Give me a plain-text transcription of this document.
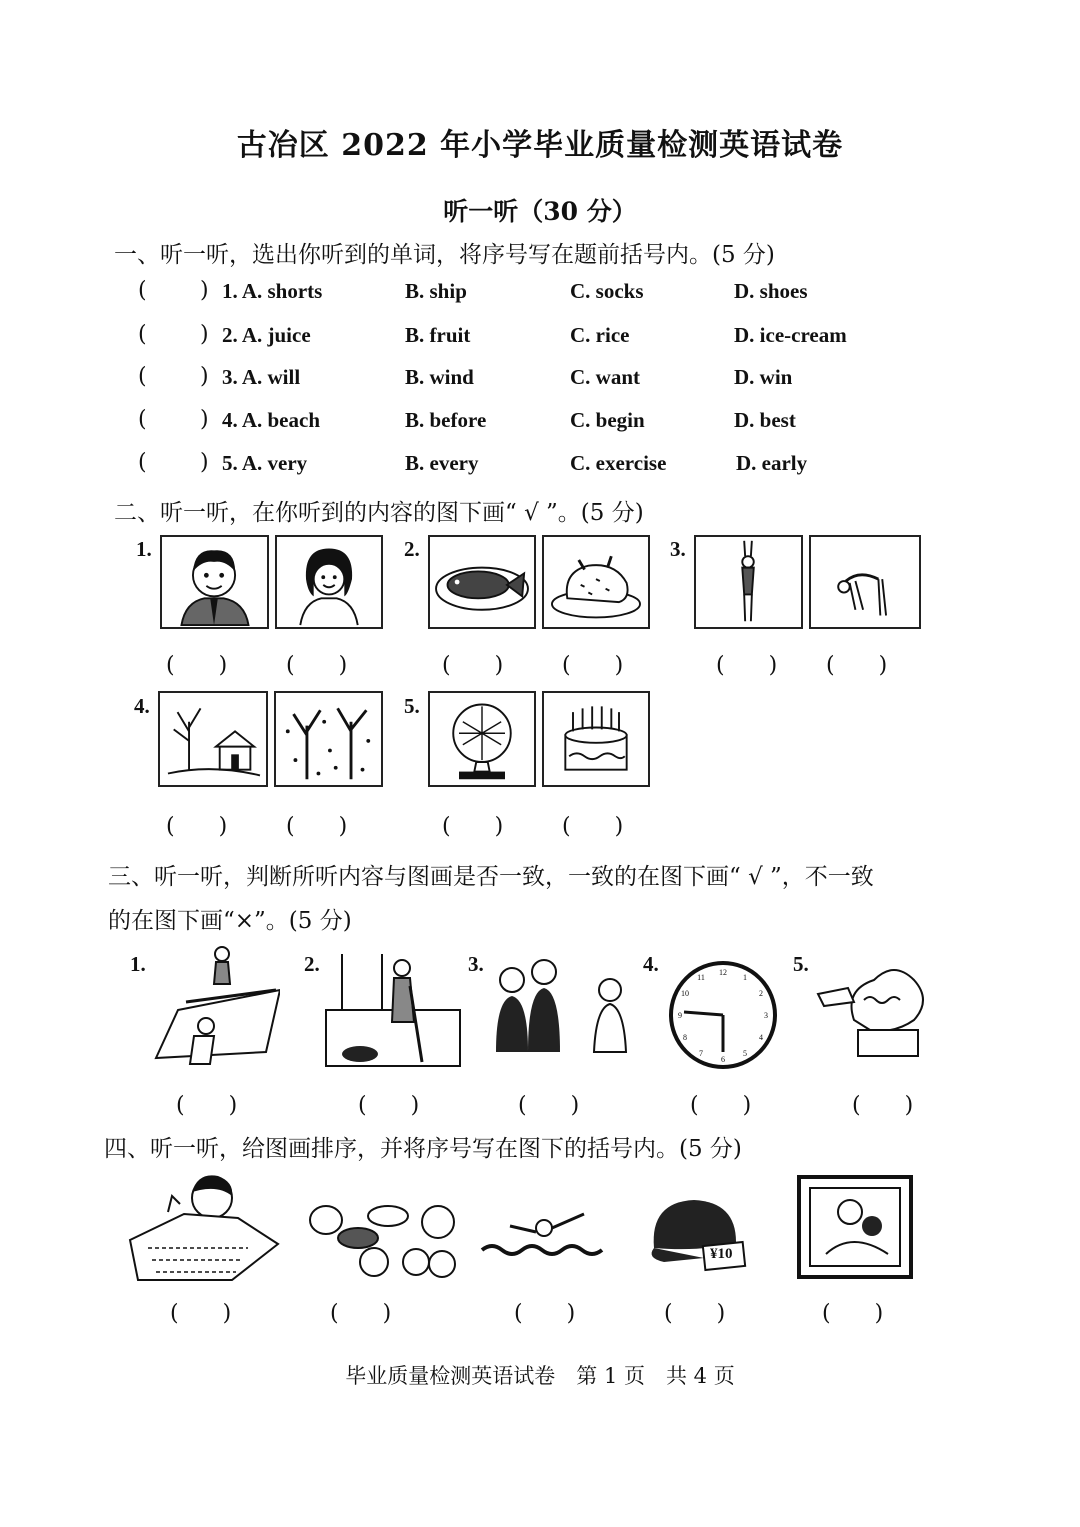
古冶区 2022 年小学毕业质量检测英语试卷
听一听（30 分）
一、听一听，选出你听到的单词，将序号写在题前括号内。(5 分)
( ) 1. A. shorts	B. ship	C. socks	D. shoes
( ) 2. A. juice	B. fruit	C. rice	D. ice-cream
( ) 3. A. will	B. wind	C. want	D. win
( ) 4. A. beach	B. before	C. begin	D. best
( ) 5. A. very	B. every	C. exercise	D. early
二、听一听，在你听到的内容的图下画“ √ ”。(5 分)
1.	2.	3.
(　　)	(　　)	(　　)	(　　)	(　　) (　　)
4.	5.
(　　)	(　　)	(　　)	(　　)
三、听一听，判断所听内容与图画是否一致，一致的在图下画“ √ ”，不一致
的在图下画“×”。(5 分)
1.	2.	3.	4.	12
1
2
3
4
5
6
7
8
9
10
11
5.
(　　)	(　　)	(　　)	(　　)	(　　)
四、听一听，给图画排序，并将序号写在图下的括号内。(5 分)
¥10
(　　)	(　　)	(　　)	(　　)	(　　)
毕业质量检测英语试卷　第 1 页　共 4 页
